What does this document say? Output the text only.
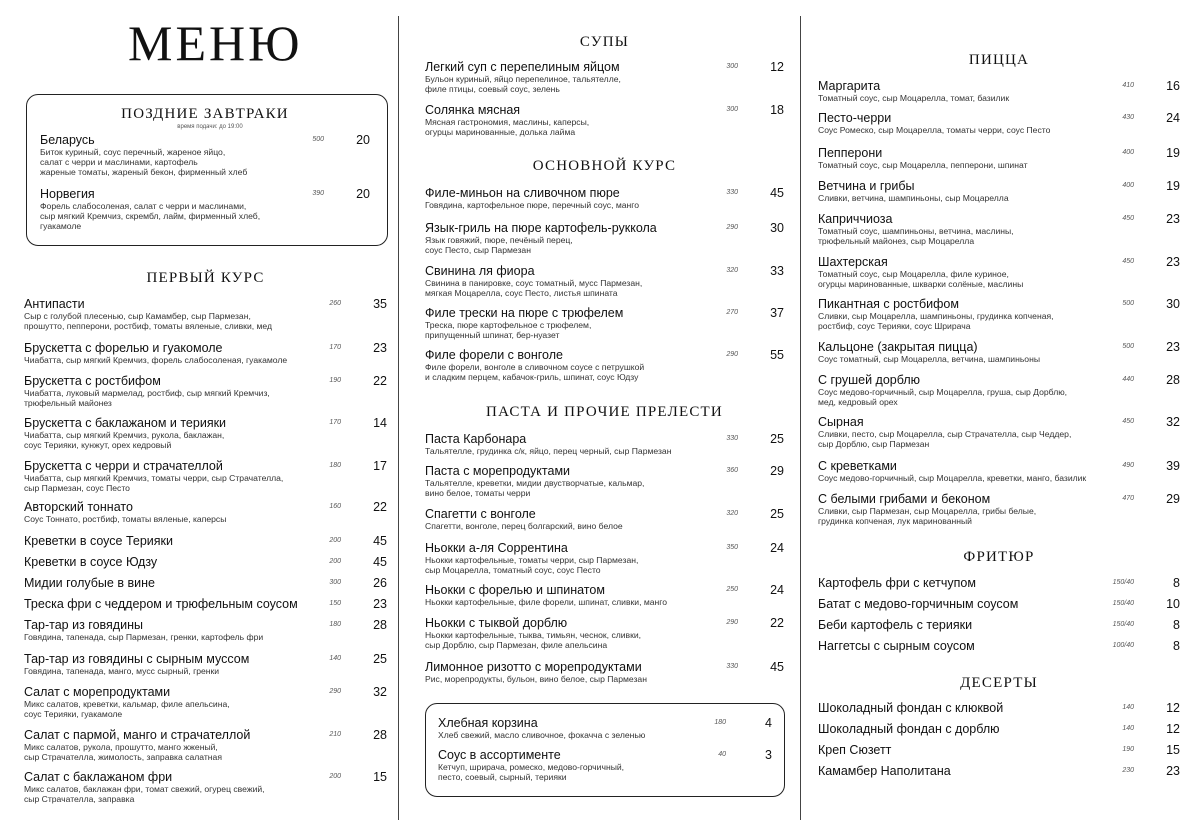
МЕНЮ
время подачи: до 19:00
ПОЗДНИЕ ЗАВТРАКИ
Беларусь
Биток куриный, соус перечный, жареное яйцо,
салат с черри и маслинами, картофель
жареные томаты, жареный бекон, фирменный хлеб
500	20
Норвегия
Форель слабосоленая, салат с черри и маслинами,
сыр мягкий Кремчиз, скрембл, лайм, фирменный хлеб,
гуакамоле
390	20
ПЕРВЫЙ КУРС
Антипасти
Сыр с голубой плесенью, сыр Камамбер, сыр Пармезан,
прошутто, пепперони, ростбиф, томаты вяленые, сливки, мед
260	35
Брускетта с форелью и гуакомоле
Чиабатта, сыр мягкий Кремчиз, форель слабосоленая, гуакамоле
170	23
Брускетта с ростбифом
Чиабатта, луковый мармелад, ростбиф, сыр мягкий Кремчиз,
трюфельный майонез
190	22
Брускетта с баклажаном и терияки
Чиабатта, сыр мягкий Кремчиз, рукола, баклажан,
соус Терияки, кунжут, орех кедровый
170	14
Брускетта с черри и страчателлой
Чиабатта, сыр мягкий Кремчиз, томаты черри, сыр Страчателла,
сыр Пармезан, соус Песто
180	17
Авторский тоннато
Соус Тоннато, ростбиф, томаты вяленые, каперсы
160	22
Креветки в соусе Терияки	200	45
Креветки в соусе Юдзу	200	45
Мидии голубые в вине	300	26
Треска фри с чеддером и трюфельным соусом	150	23
Тар-тар из говядины
Говядина, тапенада, сыр Пармезан, гренки, картофель фри
180	28
Тар-тар из говядины с сырным муссом
Говядина, тапенада, манго, мусс сырный, гренки
140	25
Салат с морепродуктами
Микс салатов, креветки, кальмар, филе апельсина,
соус Терияки, гуакамоле
290	32
Салат с пармой, манго и страчателлой
Микс салатов, рукола, прошутто, манго жженый,
сыр Страчателла, жимолость, заправка салатная
210	28
Салат с баклажаном фри
Микс салатов, баклажан фри, томат свежий, огурец свежий,
сыр Страчателла, заправка
200	15
СУПЫ
Легкий суп с перепелиным яйцом
Бульон куриный, яйцо перепелиное, тальятелле,
филе птицы, соевый соус, зелень
300	12
Солянка мясная
Мясная гастрономия, маслины, каперсы,
огурцы маринованные, долька лайма
300	18
ОСНОВНОЙ КУРС
Филе-миньон на сливочном пюре
Говядина, картофельное пюре, перечный соус, манго
330	45
Язык-гриль на пюре картофель-руккола
Язык говяжий, пюре, печёный перец,
соус Песто, сыр Пармезан
290	30
Свинина ля фиора
Свинина в панировке, соус томатный, мусс Пармезан,
мягкая Моцарелла, соус Песто, листья шпината
320	33
Филе трески на пюре с трюфелем
Треска, пюре картофельное с трюфелем,
припущенный шпинат, бер-нуазет
270	37
Филе форели с вонголе
Филе форели, вонголе в сливочном соусе с петрушкой
и сладким перцем, кабачок-гриль, шпинат, соус Юдзу
290	55
ПАСТА И ПРОЧИЕ ПРЕЛЕСТИ
Паста Карбонара
Тальятелле, грудинка с/к, яйцо, перец черный, сыр Пармезан
330	25
Паста с морепродуктами
Тальятелле, креветки, мидии двустворчатые, кальмар,
вино белое, томаты черри
360	29
Спагетти с вонголе
Спагетти, вонголе, перец болгарский, вино белое
320	25
Ньокки а-ля Соррентина
Ньокки картофельные, томаты черри, сыр Пармезан,
сыр Моцарелла, томатный соус, соус Песто
350	24
Ньокки с форелью и шпинатом
Ньокки картофельные, филе форели, шпинат, сливки, манго
250	24
Ньокки с тыквой дорблю
Ньокки картофельные, тыква, тимьян, чеснок, сливки,
сыр Дорблю, сыр Пармезан, филе апельсина
290	22
Лимонное ризотто с морепродуктами
Рис, морепродукты, бульон, вино белое, сыр Пармезан
330	45
Хлебная корзина
Хлеб свежий, масло сливочное, фокачча с зеленью
180	4
Соус в ассортименте
Кетчуп, шрирача, ромеско, медово-горчичный,
песто, соевый, сырный, терияки
40	3
ПИЦЦА
Маргарита
Томатный соус, сыр Моцарелла, томат, базилик
410	16
Песто-черри
Соус Ромеско, сыр Моцарелла, томаты черри, соус Песто
430	24
Пепперони
Томатный соус, сыр Моцарелла, пепперони, шпинат
400	19
Ветчина и грибы
Сливки, ветчина, шампиньоны, сыр Моцарелла
400	19
Каприччиоза
Томатный соус, шампиньоны, ветчина, маслины,
трюфельный майонез, сыр Моцарелла
450	23
Шахтерская
Томатный соус, сыр Моцарелла, филе куриное,
огурцы маринованные, шкварки солёные, маслины
450	23
Пикантная с ростбифом
Сливки, сыр Моцарелла, шампиньоны, грудинка копченая,
ростбиф, соус Терияки, соус Шрирача
500	30
Кальцоне (закрытая пицца)
Соус томатный, сыр Моцарелла, ветчина, шампиньоны
500	23
С грушей дорблю
Соус медово-горчичный, сыр Моцарелла, груша, сыр Дорблю,
мед, кедровый орех
440	28
Сырная
Сливки, песто, сыр Моцарелла, сыр Страчателла, сыр Чеддер,
сыр Дорблю, сыр Пармезан
450	32
С креветками
Соус медово-горчичный, сыр Моцарелла, креветки, манго, базилик
490	39
С белыми грибами и беконом
Сливки, сыр Пармезан, сыр Моцарелла, грибы белые,
грудинка копченая, лук маринованный
470	29
ФРИТЮР
Картофель фри с кетчупом	150/40	8
Батат с медово-горчичным соусом	150/40	10
Беби картофель с терияки	150/40	8
Наггетсы с сырным соусом	100/40	8
ДЕСЕРТЫ
Шоколадный фондан с клюквой	140	12
Шоколадный фондан с дорблю	140	12
Креп Сюзетт	190	15
Камамбер Наполитана	230	23
